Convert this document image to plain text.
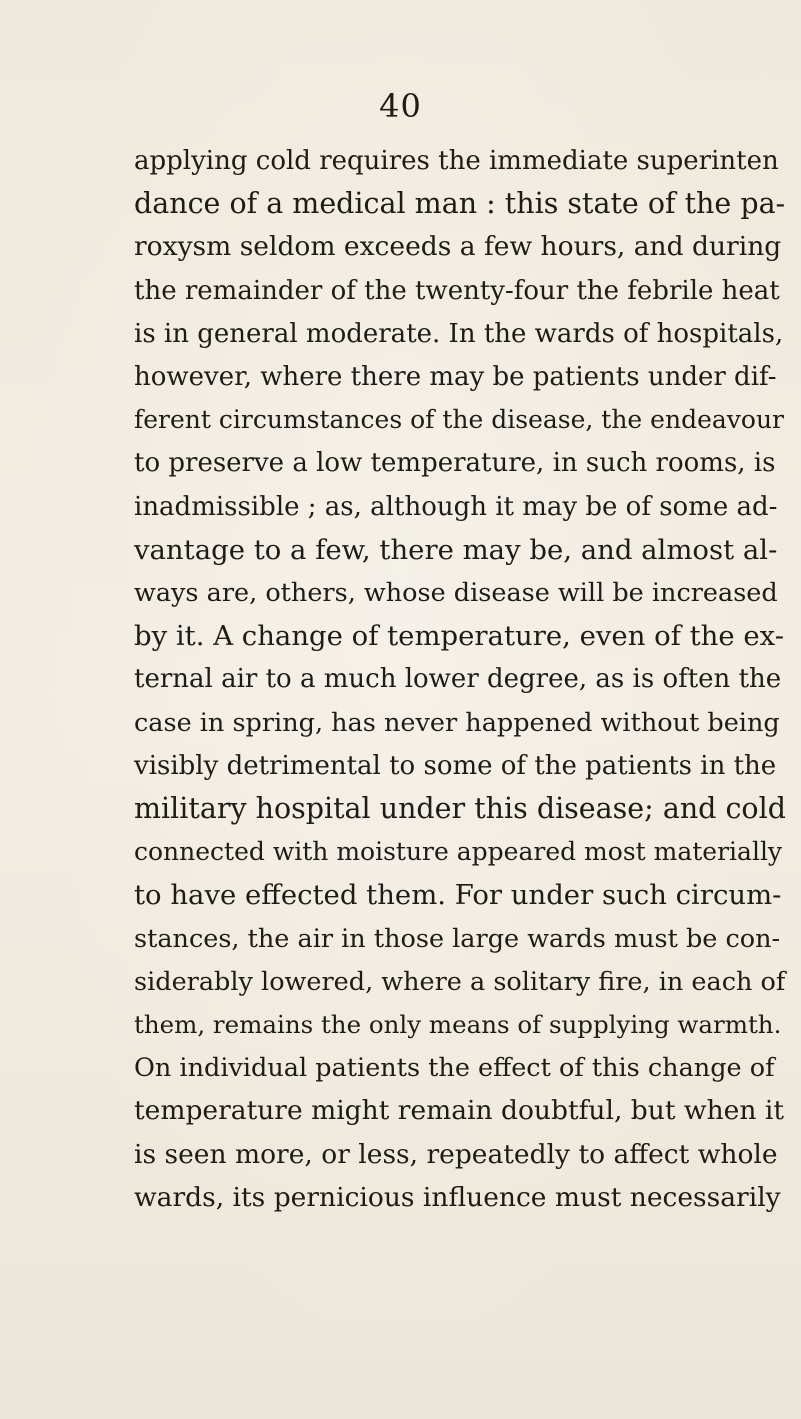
40
applying cold requires the immediate superinten
dance of a medical man : this state of the pa-
roxysm seldom exceeds a few hours, and during
the remainder of the twenty-four the febrile heat
is in general moderate. In the wards of hospitals,
however, where there may be patients under dif-
ferent circumstances of the disease, the endeavour
to preserve a low temperature, in such rooms, is
inadmissible ; as, although it may be of some ad-
vantage to a few, there may be, and almost al-
ways are, others, whose disease will be increased
by it. A change of temperature, even of the ex-
ternal air to a much lower degree, as is often the
case in spring, has never happened without being
visibly detrimental to some of the patients in the
military hospital under this disease; and cold
connected with moisture appeared most materially
to have effected them. For under such circum-
stances, the air in those large wards must be con-
siderably lowered, where a solitary fire, in each of
them, remains the only means of supplying warmth.
On individual patients the effect of this change of
temperature might remain doubtful, but when it
is seen more, or less, repeatedly to affect whole
wards, its pernicious influence must necessarily
